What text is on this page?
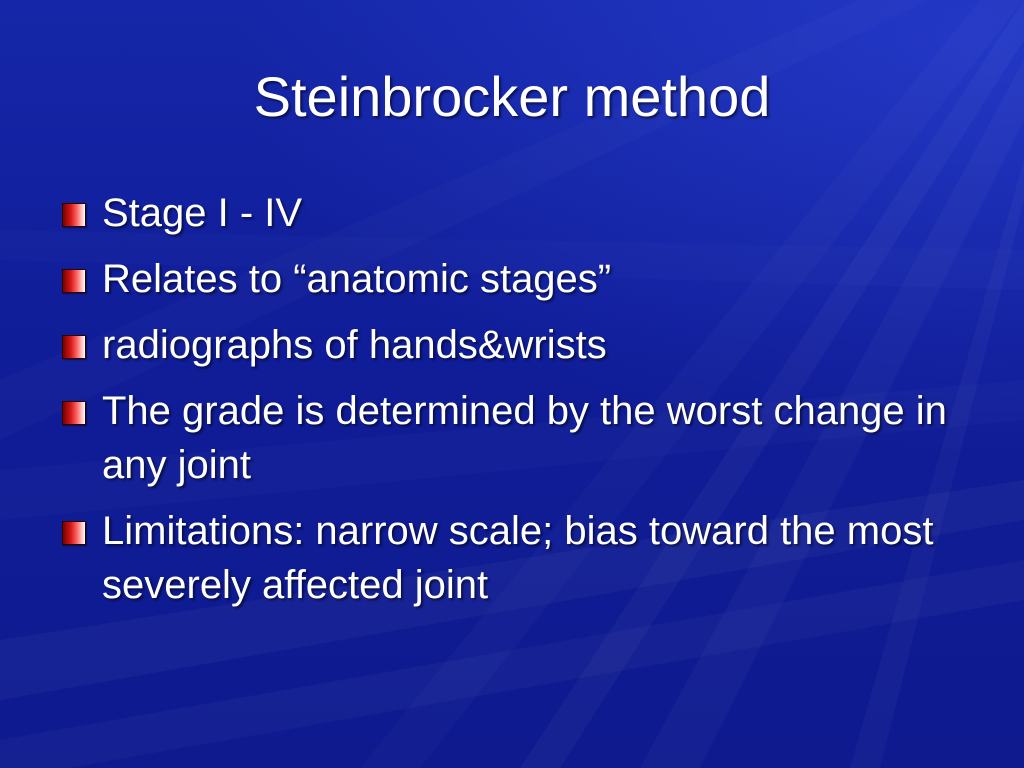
Steinbrocker method
Stage I - IV
Relates to “anatomic stages”
radiographs of hands&wrists
The grade is determined by the worst change in any joint
Limitations: narrow scale; bias toward the most severely affected joint
